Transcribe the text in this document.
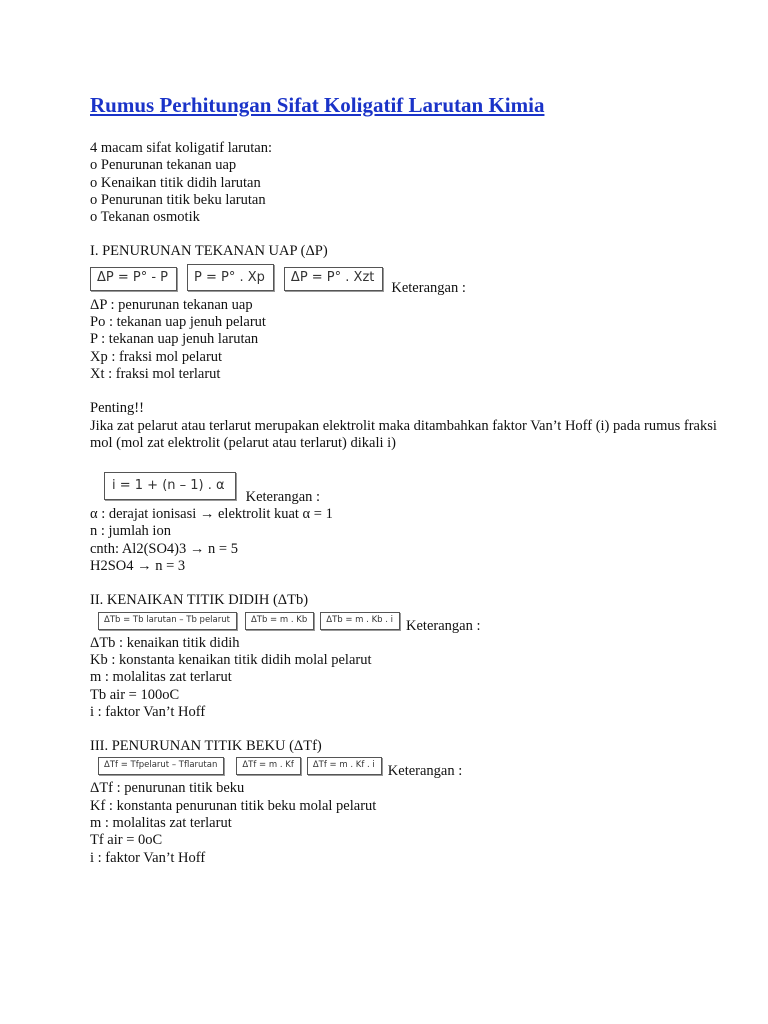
Rumus Perhitungan Sifat Koligatif Larutan Kimia
4 macam sifat koligatif larutan:
o Penurunan tekanan uap
o Kenaikan titik didih larutan
o Penurunan titik beku larutan
o Tekanan osmotik
I. PENURUNAN TEKANAN UAP (ΔP)
ΔP = P° - P P = P° . Xp ΔP = P° . Xzt
Keterangan :
ΔP : penurunan tekanan uap
Po : tekanan uap jenuh pelarut
P : tekanan uap jenuh larutan
Xp : fraksi mol pelarut
Xt : fraksi mol terlarut
Penting!!
Jika zat pelarut atau terlarut merupakan elektrolit maka ditambahkan faktor Van’t Hoff (i) pada rumus fraksi mol (mol zat elektrolit (pelarut atau terlarut) dikali i)
i = 1 + (n – 1) . α
Keterangan :
α : derajat ionisasi → elektrolit kuat α = 1
n : jumlah ion
cnth: Al2(SO4)3 → n = 5
H2SO4 → n = 3
II. KENAIKAN TITIK DIDIH (ΔTb)
ΔTb = Tb larutan – Tb pelarut ΔTb = m . Kb ΔTb = m . Kb . i Keterangan :
ΔTb : kenaikan titik didih
Kb : konstanta kenaikan titik didih molal pelarut
m : molalitas zat terlarut
Tb air = 100oC
i : faktor Van’t Hoff
III. PENURUNAN TITIK BEKU (ΔTf)
ΔTf = Tfpelarut – Tflarutan	ΔTf = m . Kf ΔTf = m . Kf . i Keterangan :
ΔTf : penurunan titik beku
Kf : konstanta penurunan titik beku molal pelarut
m : molalitas zat terlarut
Tf air = 0oC
i : faktor Van’t Hoff
